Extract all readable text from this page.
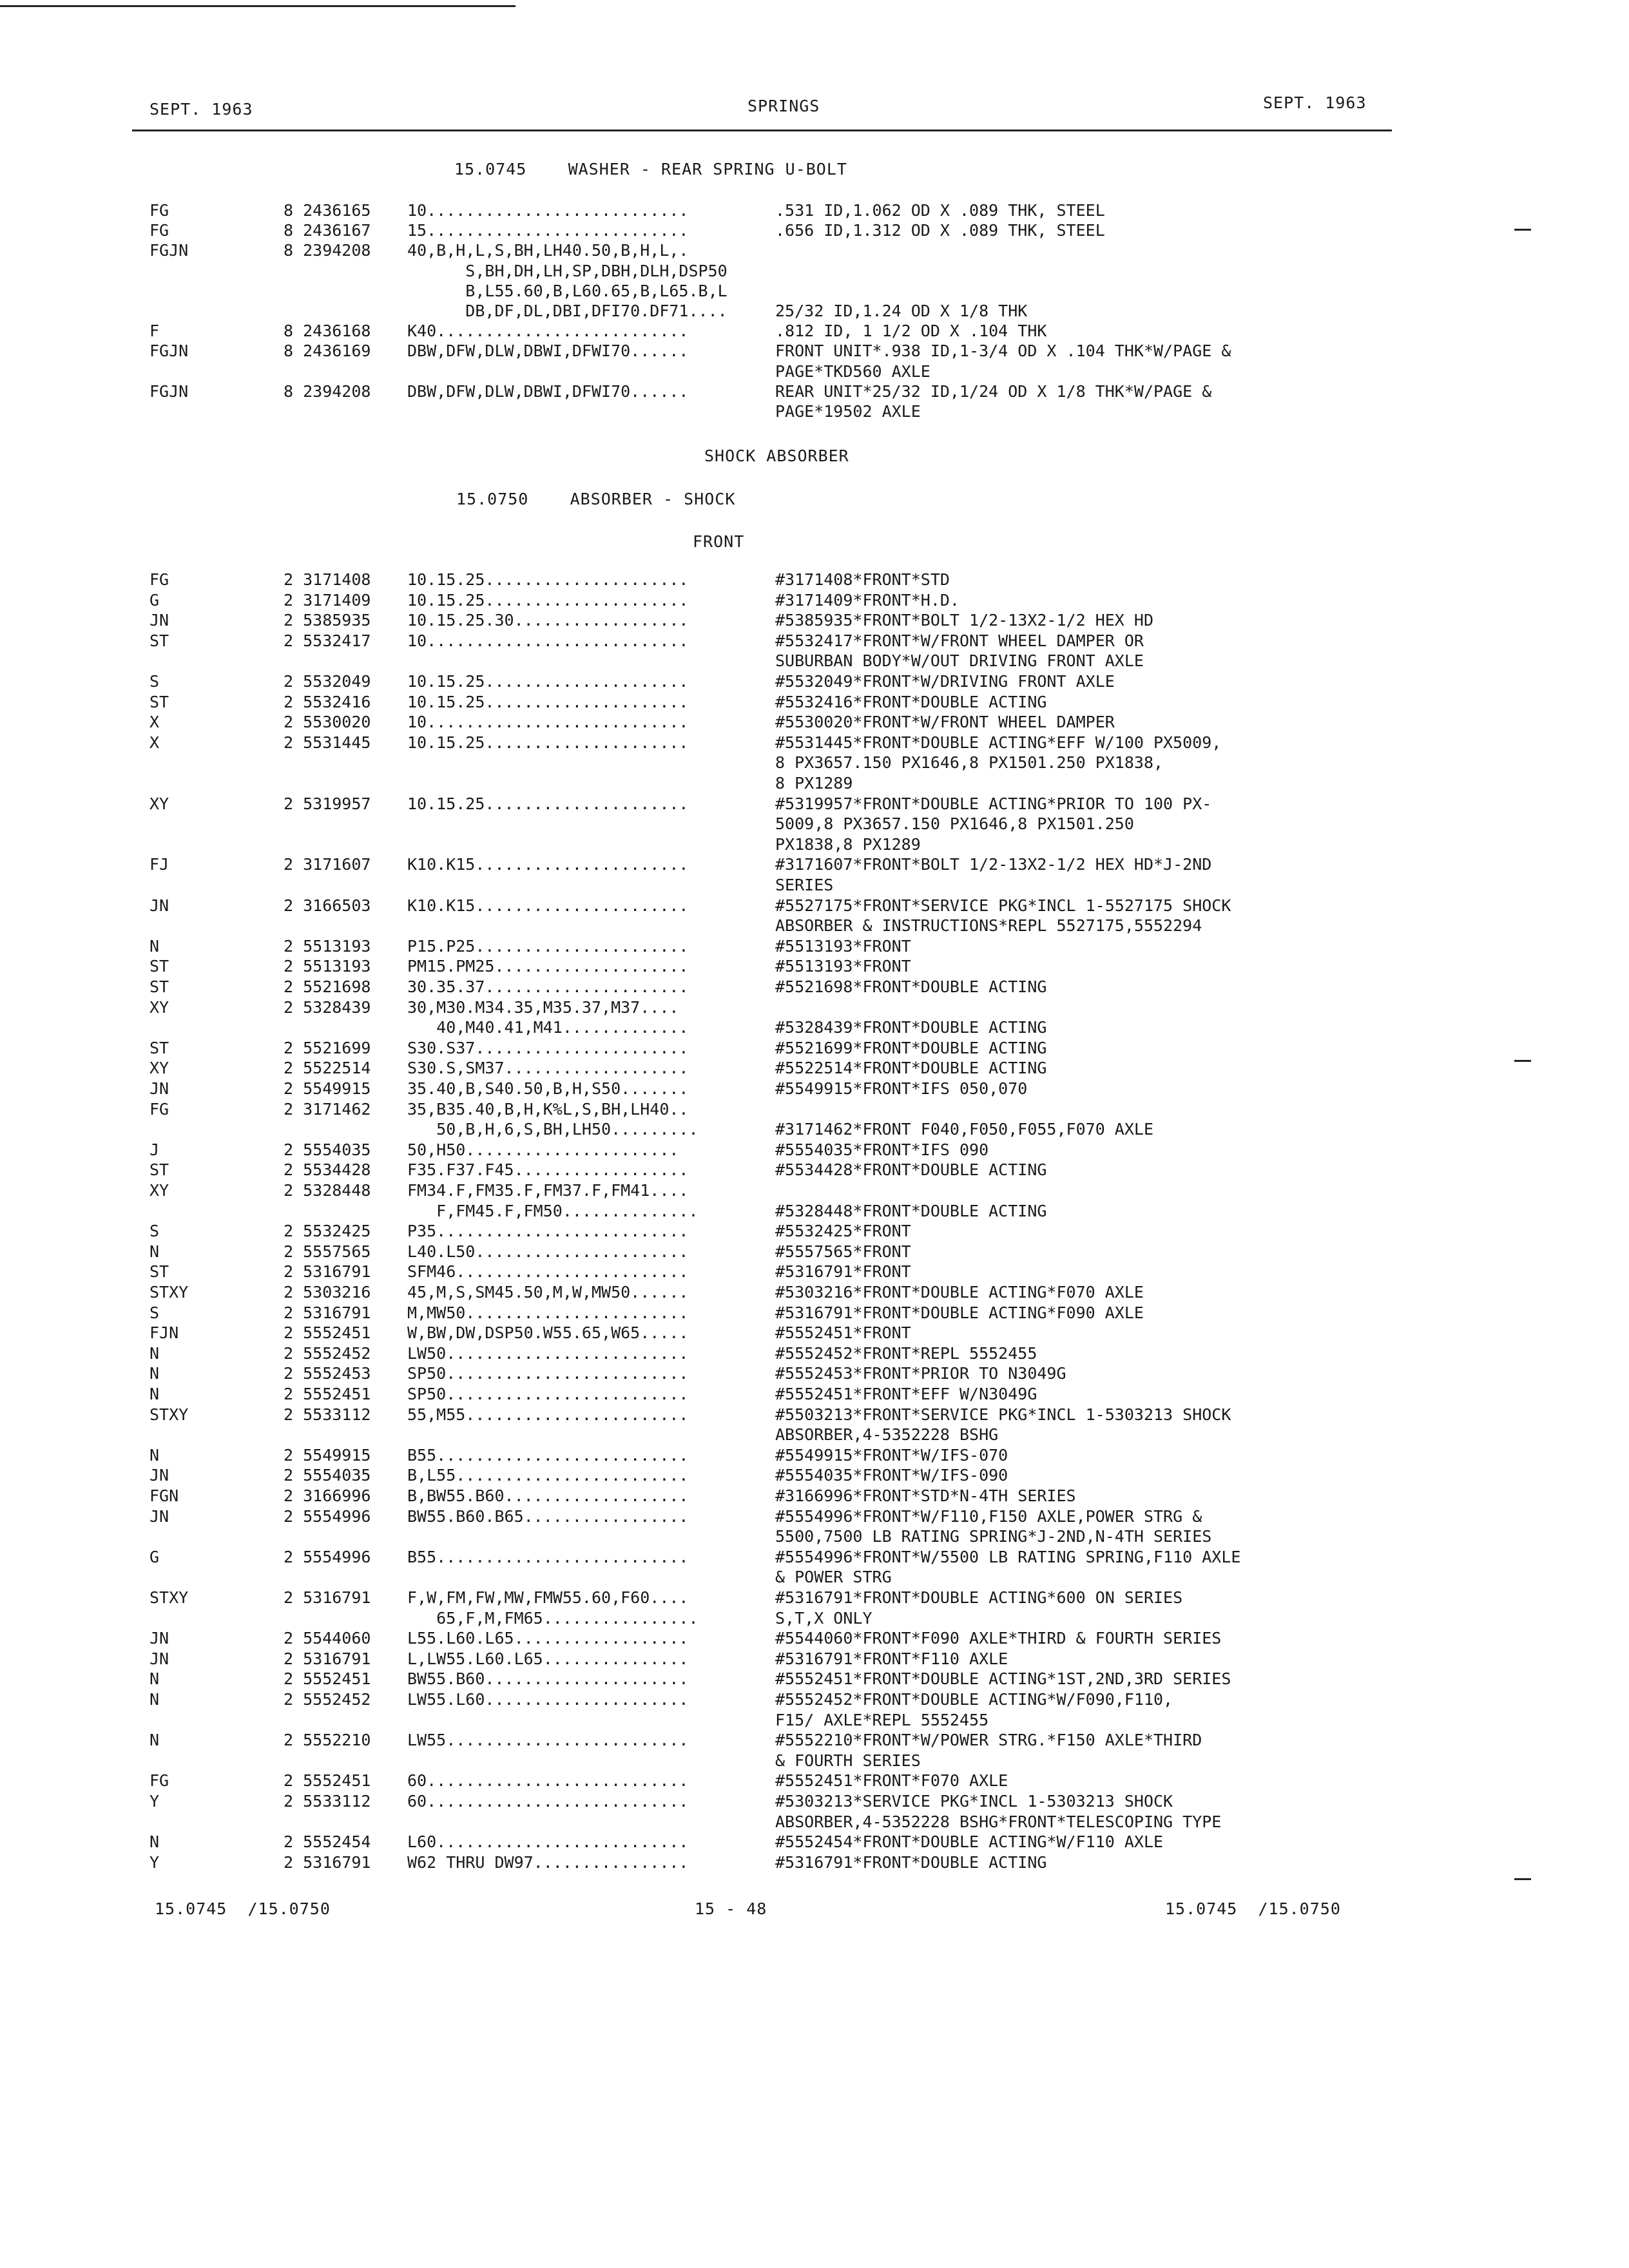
SEPT. 1963	SPRINGS	SEPT. 1963
15.0745    WASHER - REAR SPRING U-BOLT
FG	8 2436165 10...........................	.531 ID,1.062 OD X .089 THK, STEEL
FG	8 2436167 15...........................	.656 ID,1.312 OD X .089 THK, STEEL
FGJN	8 2394208 40,B,H,L,S,BH,LH40.50,B,H,L,.
S,BH,DH,LH,SP,DBH,DLH,DSP50
B,L55.60,B,L60.65,B,L65.B,L
DB,DF,DL,DBI,DFI70.DF71....	25/32 ID,1.24 OD X 1/8 THK
F	8 2436168 K40..........................	.812 ID, 1 1/2 OD X .104 THK
FGJN	8 2436169 DBW,DFW,DLW,DBWI,DFWI70......	FRONT UNIT*.938 ID,1-3/4 OD X .104 THK*W/PAGE &
PAGE*TKD560 AXLE
FGJN	8 2394208 DBW,DFW,DLW,DBWI,DFWI70......	REAR UNIT*25/32 ID,1/24 OD X 1/8 THK*W/PAGE &
PAGE*19502 AXLE
SHOCK ABSORBER
15.0750    ABSORBER - SHOCK
FRONT
FG	2 3171408 10.15.25.....................	#3171408*FRONT*STD
G	2 3171409 10.15.25.....................	#3171409*FRONT*H.D.
JN	2 5385935 10.15.25.30..................	#5385935*FRONT*BOLT 1/2-13X2-1/2 HEX HD
ST	2 5532417 10...........................	#5532417*FRONT*W/FRONT WHEEL DAMPER OR
SUBURBAN BODY*W/OUT DRIVING FRONT AXLE
S	2 5532049 10.15.25.....................	#5532049*FRONT*W/DRIVING FRONT AXLE
ST	2 5532416 10.15.25.....................	#5532416*FRONT*DOUBLE ACTING
X	2 5530020 10...........................	#5530020*FRONT*W/FRONT WHEEL DAMPER
X	2 5531445 10.15.25.....................	#5531445*FRONT*DOUBLE ACTING*EFF W/100 PX5009,
8 PX3657.150 PX1646,8 PX1501.250 PX1838,
8 PX1289
XY	2 5319957 10.15.25.....................	#5319957*FRONT*DOUBLE ACTING*PRIOR TO 100 PX-
5009,8 PX3657.150 PX1646,8 PX1501.250
PX1838,8 PX1289
FJ	2 3171607 K10.K15......................	#3171607*FRONT*BOLT 1/2-13X2-1/2 HEX HD*J-2ND
SERIES
JN	2 3166503 K10.K15......................	#5527175*FRONT*SERVICE PKG*INCL 1-5527175 SHOCK
ABSORBER & INSTRUCTIONS*REPL 5527175,5552294
N	2 5513193 P15.P25......................	#5513193*FRONT
ST	2 5513193 PM15.PM25....................	#5513193*FRONT
ST	2 5521698 30.35.37.....................	#5521698*FRONT*DOUBLE ACTING
XY	2 5328439 30,M30.M34.35,M35.37,M37....
40,M40.41,M41.............	#5328439*FRONT*DOUBLE ACTING
ST	2 5521699 S30.S37......................	#5521699*FRONT*DOUBLE ACTING
XY	2 5522514 S30.S,SM37...................	#5522514*FRONT*DOUBLE ACTING
JN	2 5549915 35.40,B,S40.50,B,H,S50.......	#5549915*FRONT*IFS 050,070
FG	2 3171462 35,B35.40,B,H,K%L,S,BH,LH40..
50,B,H,6,S,BH,LH50.........	#3171462*FRONT F040,F050,F055,F070 AXLE
J	2 5554035 50,H50......................	#5554035*FRONT*IFS 090
ST	2 5534428 F35.F37.F45..................	#5534428*FRONT*DOUBLE ACTING
XY	2 5328448 FM34.F,FM35.F,FM37.F,FM41....
F,FM45.F,FM50..............	#5328448*FRONT*DOUBLE ACTING
S	2 5532425 P35..........................	#5532425*FRONT
N	2 5557565 L40.L50......................	#5557565*FRONT
ST	2 5316791 SFM46........................	#5316791*FRONT
STXY	2 5303216 45,M,S,SM45.50,M,W,MW50......	#5303216*FRONT*DOUBLE ACTING*F070 AXLE
S	2 5316791 M,MW50.......................	#5316791*FRONT*DOUBLE ACTING*F090 AXLE
FJN	2 5552451 W,BW,DW,DSP50.W55.65,W65.....	#5552451*FRONT
N	2 5552452 LW50.........................	#5552452*FRONT*REPL 5552455
N	2 5552453 SP50.........................	#5552453*FRONT*PRIOR TO N3049G
N	2 5552451 SP50.........................	#5552451*FRONT*EFF W/N3049G
STXY	2 5533112 55,M55.......................	#5503213*FRONT*SERVICE PKG*INCL 1-5303213 SHOCK
ABSORBER,4-5352228 BSHG
N	2 5549915 B55..........................	#5549915*FRONT*W/IFS-070
JN	2 5554035 B,L55........................	#5554035*FRONT*W/IFS-090
FGN	2 3166996 B,BW55.B60...................	#3166996*FRONT*STD*N-4TH SERIES
JN	2 5554996 BW55.B60.B65.................	#5554996*FRONT*W/F110,F150 AXLE,POWER STRG &
5500,7500 LB RATING SPRING*J-2ND,N-4TH SERIES
G	2 5554996 B55..........................	#5554996*FRONT*W/5500 LB RATING SPRING,F110 AXLE
& POWER STRG
STXY	2 5316791 F,W,FM,FW,MW,FMW55.60,F60....	#5316791*FRONT*DOUBLE ACTING*600 ON SERIES
65,F,M,FM65................	S,T,X ONLY
JN	2 5544060 L55.L60.L65..................	#5544060*FRONT*F090 AXLE*THIRD & FOURTH SERIES
JN	2 5316791 L,LW55.L60.L65...............	#5316791*FRONT*F110 AXLE
N	2 5552451 BW55.B60.....................	#5552451*FRONT*DOUBLE ACTING*1ST,2ND,3RD SERIES
N	2 5552452 LW55.L60.....................	#5552452*FRONT*DOUBLE ACTING*W/F090,F110,
F15/ AXLE*REPL 5552455
N	2 5552210 LW55.........................	#5552210*FRONT*W/POWER STRG.*F150 AXLE*THIRD
& FOURTH SERIES
FG	2 5552451 60...........................	#5552451*FRONT*F070 AXLE
Y	2 5533112 60...........................	#5303213*SERVICE PKG*INCL 1-5303213 SHOCK
ABSORBER,4-5352228 BSHG*FRONT*TELESCOPING TYPE
N	2 5552454 L60..........................	#5552454*FRONT*DOUBLE ACTING*W/F110 AXLE
Y	2 5316791 W62 THRU DW97................	#5316791*FRONT*DOUBLE ACTING
15.0745  /15.0750	15 - 48	15.0745  /15.0750
